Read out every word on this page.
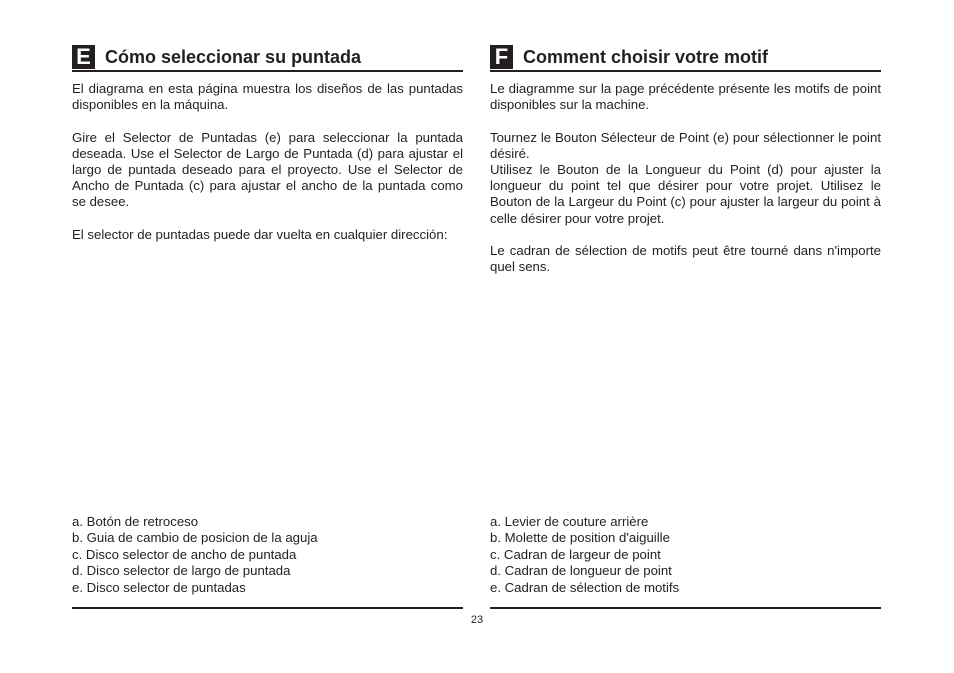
E Cómo seleccionar su puntada

El diagrama en esta página muestra los diseños de las puntadas disponibles en la máquina.

Gire el Selector de Puntadas (e) para seleccionar la puntada deseada. Use el Selector de Largo de Puntada (d) para ajustar el largo de puntada deseado para el proyecto. Use el Selector de Ancho de Puntada (c) para ajustar el ancho de la puntada como se desee.

El selector de puntadas puede dar vuelta en cualquier dirección:

F Comment choisir votre motif

Le diagramme sur la page précédente présente les motifs de point disponibles sur la machine.

Tournez le Bouton Sélecteur de Point (e) pour sélectionner le point désiré.

Utilisez le Bouton de la Longueur du Point (d) pour ajuster la longueur du point tel que désirer pour votre projet. Utilisez le Bouton de la Largeur du Point (c) pour ajuster la largeur du point à celle désirer pour votre projet.

Le cadran de sélection de motifs peut être tourné dans n'importe quel sens.

a. Botón de retroceso
b. Guia de cambio de posicion de la aguja
c. Disco selector de ancho de puntada
d. Disco selector de largo de puntada
e. Disco selector de puntadas
a. Levier de couture arrière
b. Molette de position d'aiguille
c. Cadran de largeur de point
d. Cadran de longueur de point
e. Cadran de sélection de motifs
23
